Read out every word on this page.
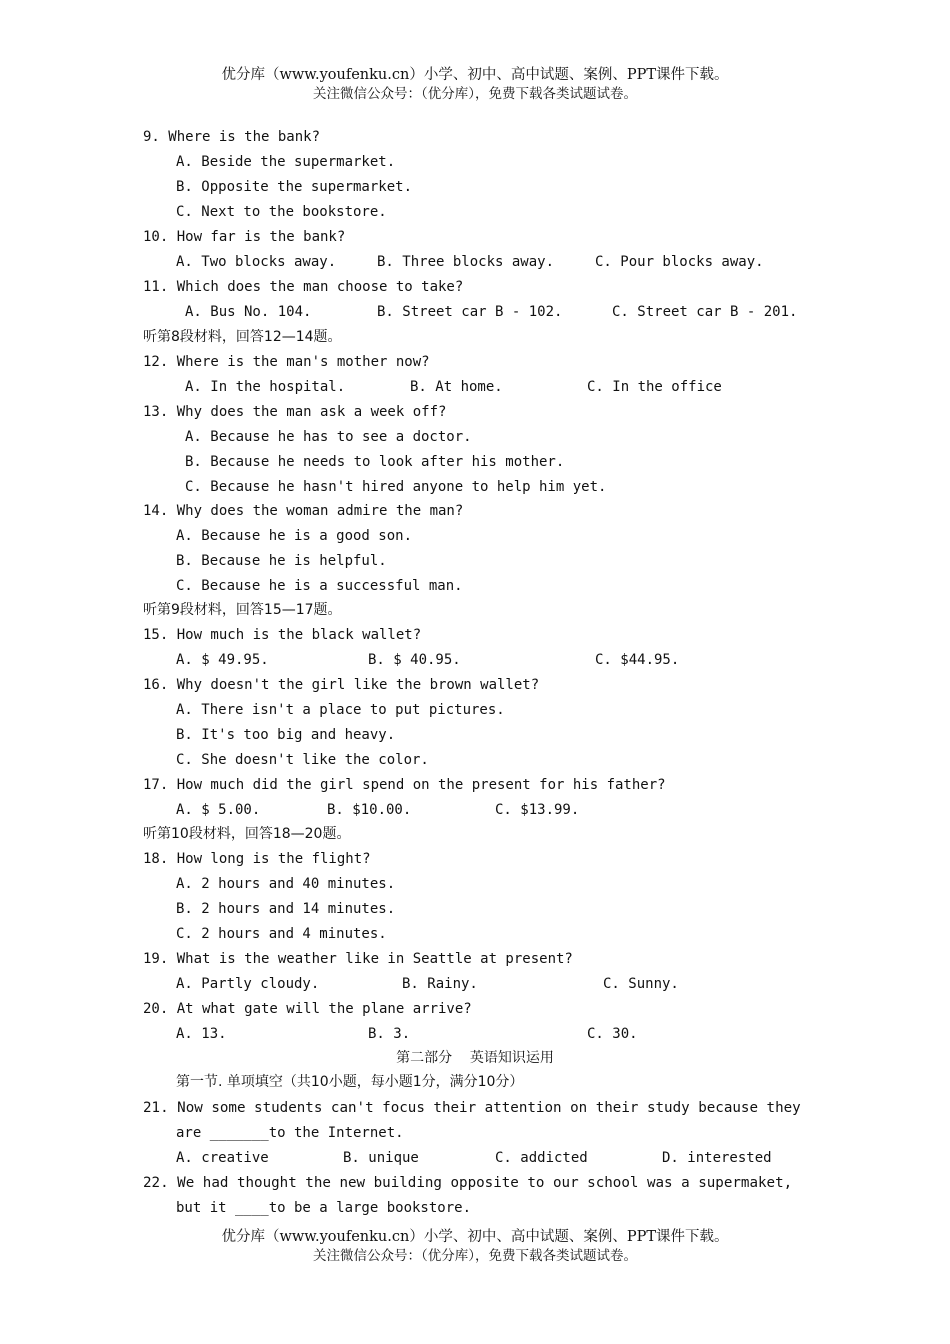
优分库（www.youfenku.cn）小学、初中、高中试题、案例、PPT课件下载。
关注微信公众号：（优分库），免费下载各类试题试卷。
9. Where is the bank?
A. Beside the supermarket.
B. Opposite the supermarket.
C. Next to the bookstore.
10. How far is the bank?
A. Two blocks away.	B. Three blocks away.	C. Pour blocks away.
11. Which does the man choose to take?
A. Bus No. 104.	B. Street car B - 102.	C. Street car B - 201.
听第8段材料，回答12—14题。
12. Where is the man's mother now?
A. In the hospital.	B. At home.	C. In the office
13. Why does the man ask a week off?
A. Because he has to see a doctor.
B. Because he needs to look after his mother.
C. Because he hasn't hired anyone to help him yet.
14. Why does the woman admire the man?
A. Because he is a good son.
B. Because he is helpful.
C. Because he is a successful man.
听第9段材料，回答15—17题。
15. How much is the black wallet?
A. $ 49.95.	B. $ 40.95.	C. $44.95.
16. Why doesn't the girl like the brown wallet?
A. There isn't a place to put pictures.
B. It's too big and heavy.
C. She doesn't like the color.
17. How much did the girl spend on the present for his father?
A. $ 5.00.	B. $10.00.	C. $13.99.
听第10段材料，回答18—20题。
18. How long is the flight?
A. 2 hours and 40 minutes.
B. 2 hours and 14 minutes.
C. 2 hours and 4 minutes.
19. What is the weather like in Seattle at present?
A. Partly cloudy.	B. Rainy.	C. Sunny.
20. At what gate will the plane arrive?
A. 13.	B. 3.	C. 30.
第二部分    英语知识运用
第一节. 单项填空（共10小题，每小题1分，满分10分）
21. Now some students can't focus their attention on their study because they
are _______to the Internet.
A. creative	B. unique	C. addicted	D. interested
22. We had thought the new building opposite to our school was a supermaket,
but it ____to be a large bookstore.
优分库（www.youfenku.cn）小学、初中、高中试题、案例、PPT课件下载。
关注微信公众号：（优分库），免费下载各类试题试卷。
